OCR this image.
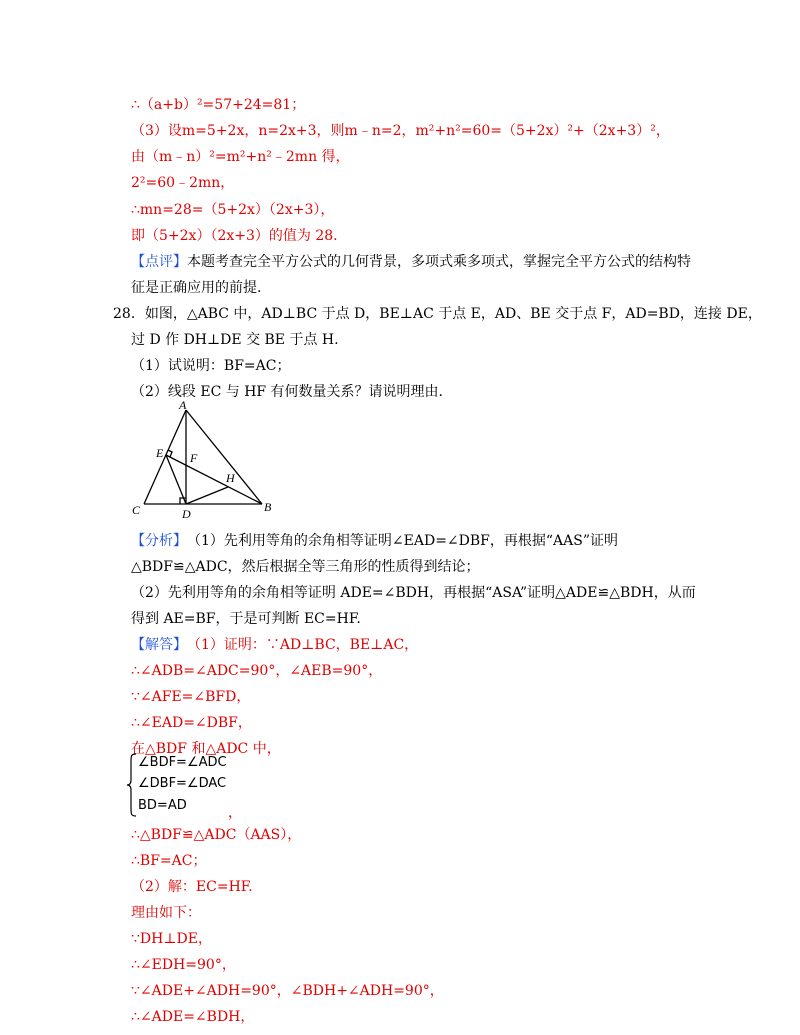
∴（a+b）²=57+24=81；
（3）设m=5+2x，n=2x+3，则m﹣n=2，m²+n²=60=（5+2x）²+（2x+3）²，
由（m﹣n）²=m²+n²﹣2mn 得，
2²=60﹣2mn，
∴mn=28=（5+2x）（2x+3），
即（5+2x）（2x+3）的值为 28.
【点评】 本题考查完全平方公式的几何背景，多项式乘多项式，掌握完全平方公式的结构特
征是正确应用的前提.
28．如图，△ABC 中，AD⊥BC 于点 D，BE⊥AC 于点 E，AD、BE 交于点 F，AD=BD，连接 DE，
过 D 作 DH⊥DE 交 BE 于点 H.
（1）试说明：BF=AC；
（2）线段 EC 与 HF 有何数量关系？请说明理由.
A
B
C	D
E F
H
【分析】 （1）先利用等角的余角相等证明∠EAD=∠DBF，再根据“AAS”证明
△BDF≌△ADC，然后根据全等三角形的性质得到结论；
（2）先利用等角的余角相等证明 ADE=∠BDH，再根据“ASA”证明△ADE≌△BDH，从而
得到 AE=BF，于是可判断 EC=HF.
【解答】 （1）证明：∵AD⊥BC，BE⊥AC，
∴∠ADB=∠ADC=90°，∠AEB=90°，
∵∠AFE=∠BFD，
∴∠EAD=∠DBF，
在△BDF 和△ADC 中，
∠BDF=∠ADC
∠DBF=∠DAC
BD=AD	，
∴△BDF≌△ADC（AAS），
∴BF=AC；
（2）解：EC=HF.
理由如下：
∵DH⊥DE，
∴∠EDH=90°，
∵∠ADE+∠ADH=90°，∠BDH+∠ADH=90°，
∴∠ADE=∠BDH，
